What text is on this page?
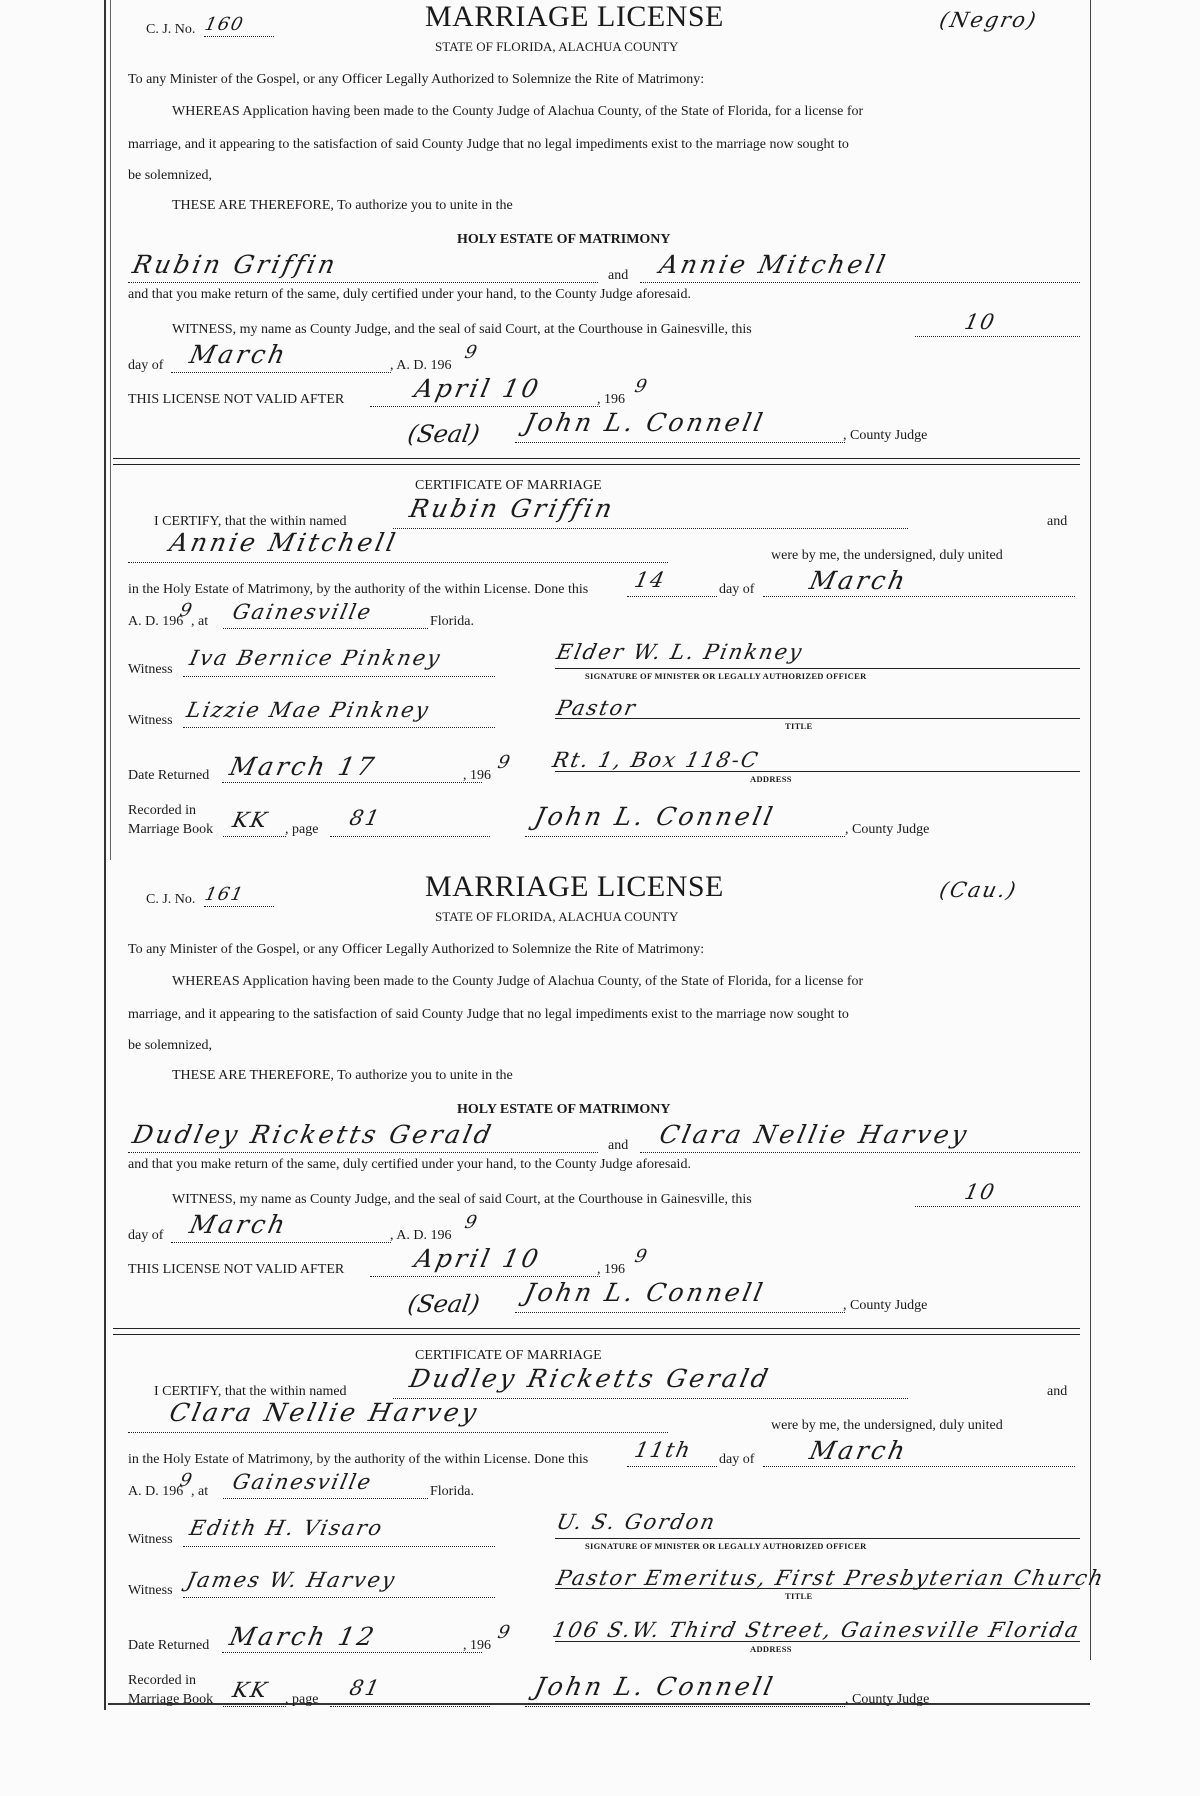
C. J. No. 160	MARRIAGE LICENSE
STATE OF FLORIDA, ALACHUA COUNTY
(Negro)
To any Minister of the Gospel, or any Officer Legally Authorized to Solemnize the Rite of Matrimony:
WHEREAS Application having been made to the County Judge of Alachua County, of the State of Florida, for a license for
marriage, and it appearing to the satisfaction of said County Judge that no legal impediments exist to the marriage now sought to
be solemnized,
THESE ARE THEREFORE, To authorize you to unite in the
HOLY ESTATE OF MATRIMONY
Rubin Griffin	and Annie Mitchell
and that you make return of the same, duly certified under your hand, to the County Judge aforesaid.
WITNESS, my name as County Judge, and the seal of said Court, at the Courthouse in Gainesville, this	10
day of March	, A. D. 196
9
THIS LICENSE NOT VALID AFTER	April 10	, 196
9
(Seal) John L. Connell	, County Judge
CERTIFICATE OF MARRIAGE
I CERTIFY, that the within named Rubin Griffin	and
Annie Mitchell	were by me, the undersigned, duly united
in the Holy Estate of Matrimony, by the authority of the within License. Done this 14	day of March
A. D. 196
9
, at Gainesville	Florida.
Witness Iva Bernice Pinkney	Elder W. L. Pinkney
SIGNATURE OF MINISTER OR LEGALLY AUTHORIZED OFFICER
Witness Lizzie Mae Pinkney	Pastor
TITLE
Date Returned March 17	, 196
9 Rt. 1, Box 118-C
ADDRESS
Recorded in
Marriage Book KK , page 81	John L. Connell	, County Judge
C. J. No. 161	MARRIAGE LICENSE
STATE OF FLORIDA, ALACHUA COUNTY
(Cau.)
To any Minister of the Gospel, or any Officer Legally Authorized to Solemnize the Rite of Matrimony:
WHEREAS Application having been made to the County Judge of Alachua County, of the State of Florida, for a license for
marriage, and it appearing to the satisfaction of said County Judge that no legal impediments exist to the marriage now sought to
be solemnized,
THESE ARE THEREFORE, To authorize you to unite in the
HOLY ESTATE OF MATRIMONY
Dudley Ricketts Gerald	and Clara Nellie Harvey
and that you make return of the same, duly certified under your hand, to the County Judge aforesaid.
WITNESS, my name as County Judge, and the seal of said Court, at the Courthouse in Gainesville, this	10
day of March	, A. D. 196
9
THIS LICENSE NOT VALID AFTER	April 10	, 196
9
(Seal) John L. Connell	, County Judge
CERTIFICATE OF MARRIAGE
I CERTIFY, that the within named Dudley Ricketts Gerald	and
Clara Nellie Harvey	were by me, the undersigned, duly united
in the Holy Estate of Matrimony, by the authority of the within License. Done this 11th day of March
A. D. 196
9
, at Gainesville	Florida.
Witness Edith H. Visaro	U. S. Gordon
SIGNATURE OF MINISTER OR LEGALLY AUTHORIZED OFFICER
Witness James W. Harvey	Pastor Emeritus, First Presbyterian Church
TITLE
Date Returned March 12	, 196
9 106 S.W. Third Street, Gainesville Florida
ADDRESS
Recorded in
Marriage Book KK , page 81	John L. Connell	, County Judge
